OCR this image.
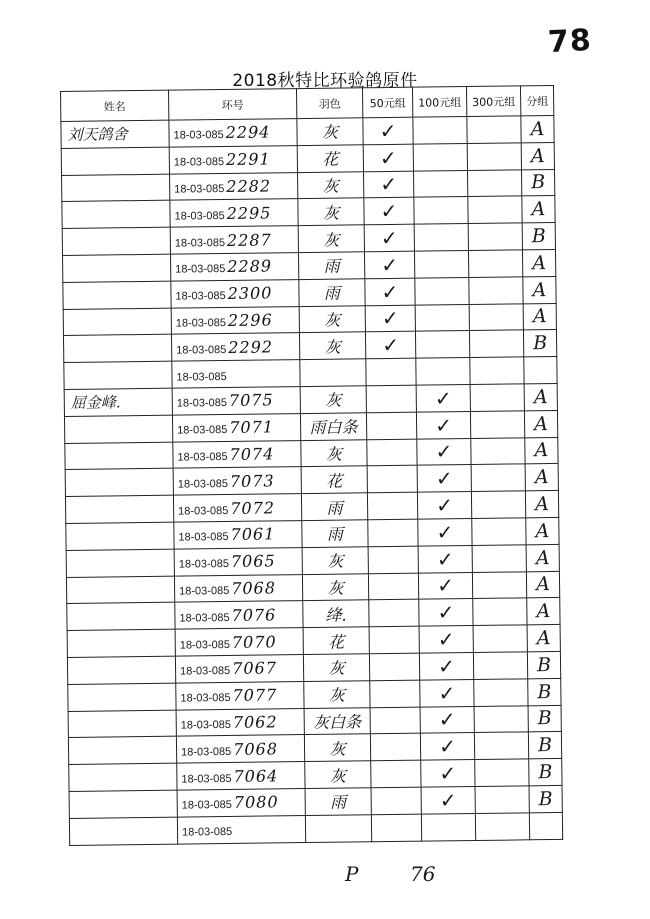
78
2018秋特比环验鸽原件
姓名	环号	羽色	50元组	100元组	300元组	分组
刘天鸽舍	18-03-085 2294	灰	✓			A
	18-03-085 2291	花	✓			A
	18-03-085 2282	灰	✓			B
	18-03-085 2295	灰	✓			A
	18-03-085 2287	灰	✓			B
	18-03-085 2289	雨	✓			A
	18-03-085 2300	雨	✓			A
	18-03-085 2296	灰	✓			A
	18-03-085 2292	灰	✓			B
	18-03-085					
屈金峰.	18-03-085 7075	灰		✓		A
	18-03-085 7071	雨白条		✓		A
	18-03-085 7074	灰		✓		A
	18-03-085 7073	花		✓		A
	18-03-085 7072	雨		✓		A
	18-03-085 7061	雨		✓		A
	18-03-085 7065	灰		✓		A
	18-03-085 7068	灰		✓		A
	18-03-085 7076	绛.		✓		A
	18-03-085 7070	花		✓		A
	18-03-085 7067	灰		✓		B
	18-03-085 7077	灰		✓		B
	18-03-085 7062	灰白条		✓		B
	18-03-085 7068	灰		✓		B
	18-03-085 7064	灰		✓		B
	18-03-085 7080	雨		✓		B
	18-03-085					
P	76
